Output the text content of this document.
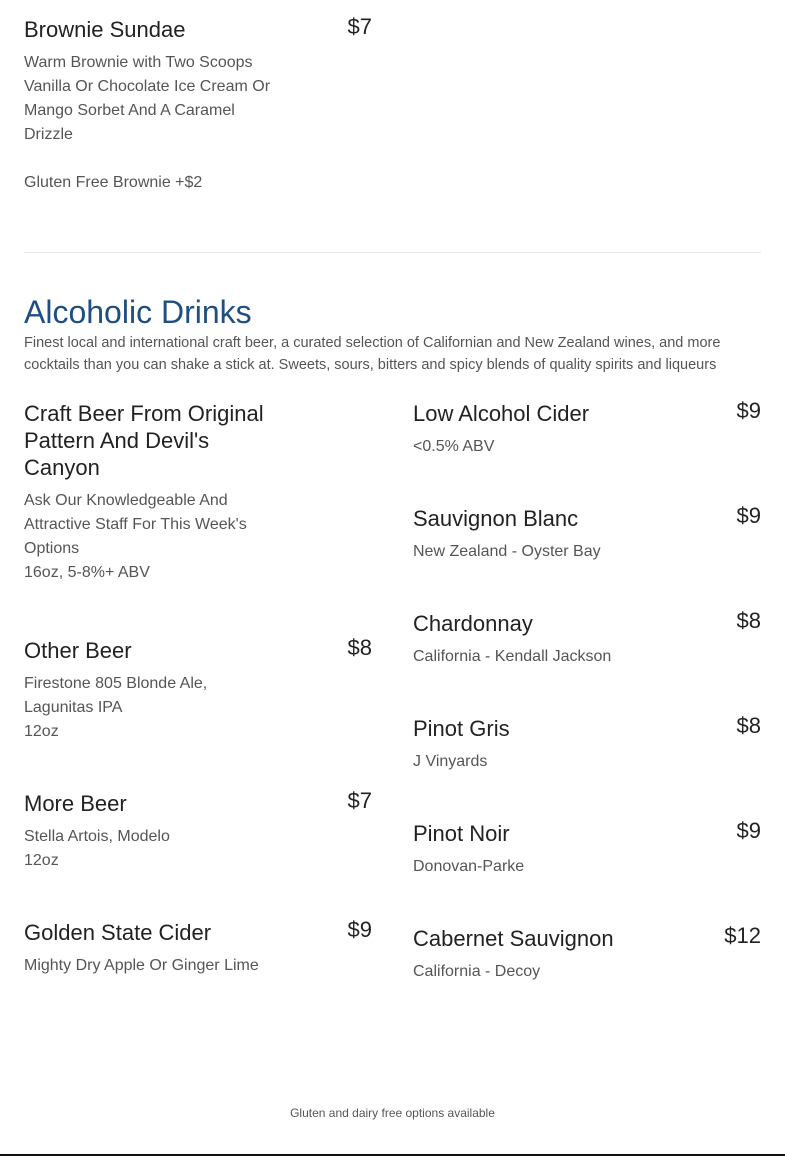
Brownie Sundae	$7
Warm Brownie with Two Scoops Vanilla Or Chocolate Ice Cream Or Mango Sorbet And A Caramel Drizzle
Gluten Free Brownie +$2
Alcoholic Drinks

Finest local and international craft beer, a curated selection of Californian and New Zealand wines, and more cocktails than you can shake a stick at. Sweets, sours, bitters and spicy blends of quality spirits and liqueurs

Craft Beer From Original Pattern And Devil's Canyon
Ask Our Knowledgeable And Attractive Staff For This Week's Options
16oz, 5-8%+ ABV
Other Beer	$8
Firestone 805 Blonde Ale, Lagunitas IPA
12oz
More Beer	$7
Stella Artois, Modelo
12oz
Golden State Cider	$9
Mighty Dry Apple Or Ginger Lime
Low Alcohol Cider	$9
<0.5% ABV
Sauvignon Blanc	$9
New Zealand - Oyster Bay
Chardonnay	$8
California - Kendall Jackson
Pinot Gris	$8
J Vinyards
Pinot Noir	$9
Donovan-Parke
Cabernet Sauvignon	$12
California - Decoy
Gluten and dairy free options available
